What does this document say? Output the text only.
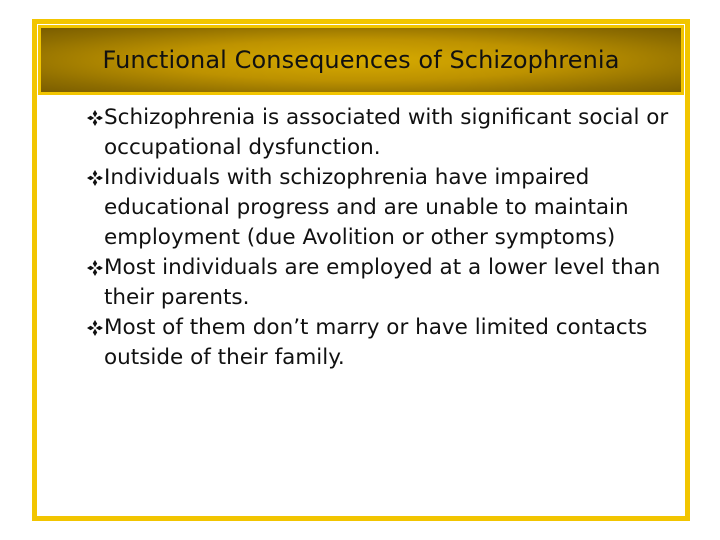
Functional Consequences of Schizophrenia
Schizophrenia is associated with significant social or occupational dysfunction.
Individuals with schizophrenia have impaired educational progress and are unable to maintain employment (due Avolition or other symptoms)
Most individuals are employed at a lower level than their parents.
Most of them don’t marry or have limited contacts outside of their family.
